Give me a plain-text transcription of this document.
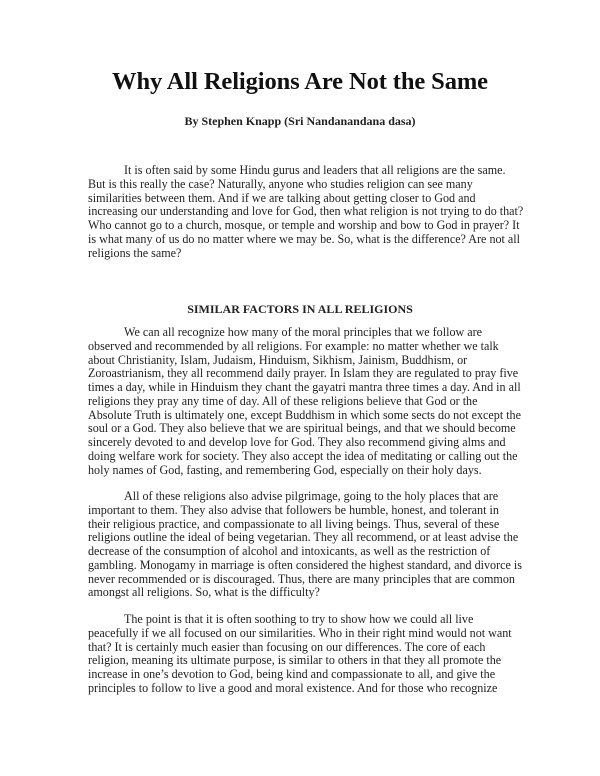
Why All Religions Are Not the Same
By Stephen Knapp (Sri Nandanandana dasa)
It is often said by some Hindu gurus and leaders that all religions are the same.
But is this really the case? Naturally, anyone who studies religion can see many
similarities between them. And if we are talking about getting closer to God and
increasing our understanding and love for God, then what religion is not trying to do that?
Who cannot go to a church, mosque, or temple and worship and bow to God in prayer? It
is what many of us do no matter where we may be. So, what is the difference? Are not all
religions the same?
SIMILAR FACTORS IN ALL RELIGIONS
We can all recognize how many of the moral principles that we follow are
observed and recommended by all religions. For example: no matter whether we talk
about Christianity, Islam, Judaism, Hinduism, Sikhism, Jainism, Buddhism, or
Zoroastrianism, they all recommend daily prayer. In Islam they are regulated to pray five
times a day, while in Hinduism they chant the gayatri mantra three times a day. And in all
religions they pray any time of day. All of these religions believe that God or the
Absolute Truth is ultimately one, except Buddhism in which some sects do not except the
soul or a God. They also believe that we are spiritual beings, and that we should become
sincerely devoted to and develop love for God. They also recommend giving alms and
doing welfare work for society. They also accept the idea of meditating or calling out the
holy names of God, fasting, and remembering God, especially on their holy days.
All of these religions also advise pilgrimage, going to the holy places that are
important to them. They also advise that followers be humble, honest, and tolerant in
their religious practice, and compassionate to all living beings. Thus, several of these
religions outline the ideal of being vegetarian. They all recommend, or at least advise the
decrease of the consumption of alcohol and intoxicants, as well as the restriction of
gambling. Monogamy in marriage is often considered the highest standard, and divorce is
never recommended or is discouraged. Thus, there are many principles that are common
amongst all religions. So, what is the difficulty?
The point is that it is often soothing to try to show how we could all live
peacefully if we all focused on our similarities. Who in their right mind would not want
that? It is certainly much easier than focusing on our differences. The core of each
religion, meaning its ultimate purpose, is similar to others in that they all promote the
increase in one’s devotion to God, being kind and compassionate to all, and give the
principles to follow to live a good and moral existence. And for those who recognize
